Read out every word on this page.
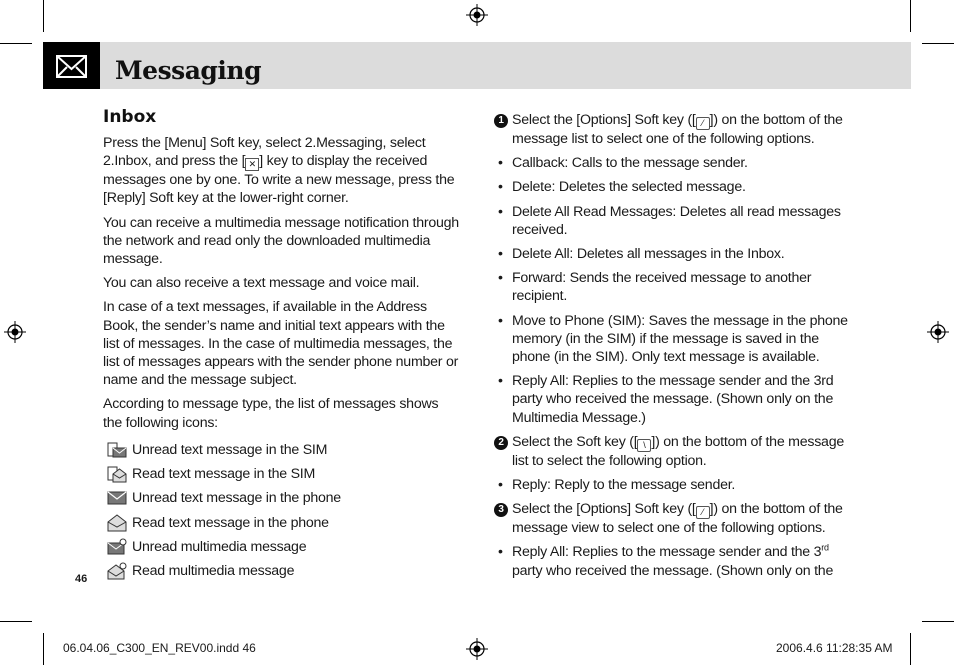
Messaging
Inbox

Press the [Menu] Soft key, select 2.Messaging, select 2.Inbox, and press the [ ✕ ] key to display the received messages one by one. To write a new message, press the [Reply] Soft key at the lower-right corner.

You can receive a multimedia message notification through the network and read only the downloaded multimedia message.

You can also receive a text message and voice mail.

In case of a text messages, if available in the Address Book, the sender’s name and initial text appears with the list of messages. In the case of multimedia messages, the list of messages appears with the sender phone number or name and the message subject.

According to message type, the list of messages shows the following icons:

Unread text message in the SIM
Read text message in the SIM
Unread text message in the phone
Read text message in the phone
Unread multimedia message
Read multimedia message
1 Select the [Options] Soft key ([ ⁄ ]) on the bottom of the message list to select one of the following options.
• Callback: Calls to the message sender.
• Delete: Deletes the selected message.
• Delete All Read Messages: Deletes all read messages received.
• Delete All: Deletes all messages in the Inbox.
• Forward: Sends the received message to another recipient.
• Move to Phone (SIM): Saves the message in the phone memory (in the SIM) if the message is saved in the phone (in the SIM). Only text message is available.
• Reply All: Replies to the message sender and the 3rd party who received the message. (Shown only on the Multimedia Message.)
2 Select the Soft key ([ \ ]) on the bottom of the message list to select the following option.
• Reply: Reply to the message sender.
3 Select the [Options] Soft key ([ ⁄ ]) on the bottom of the message view to select one of the following options.
• Reply All: Replies to the message sender and the 3rd
party who received the message. (Shown only on the
46
06.04.06_C300_EN_REV00.indd 46	2006.4.6 11:28:35 AM
